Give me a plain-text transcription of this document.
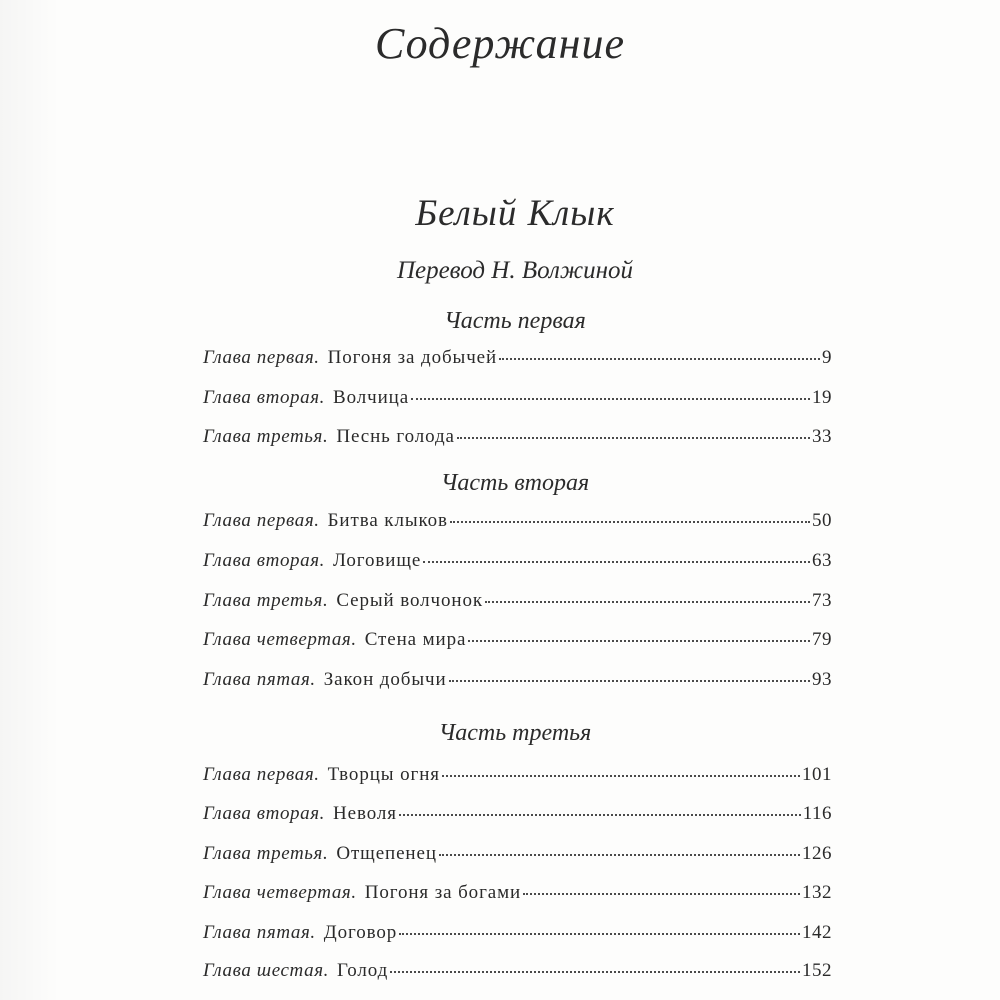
Содержание
Белый Клык
Перевод Н. Волжиной
Часть первая
Глава первая. Погоня за добычей	9
Глава вторая. Волчица	19
Глава третья. Песнь голода	33
Часть вторая
Глава первая. Битва клыков	50
Глава вторая. Логовище	63
Глава третья. Серый волчонок	73
Глава четвертая. Стена мира	79
Глава пятая. Закон добычи	93
Часть третья
Глава первая. Творцы огня	101
Глава вторая. Неволя	116
Глава третья. Отщепенец	126
Глава четвертая. Погоня за богами	132
Глава пятая. Договор	142
Глава шестая. Голод	152
